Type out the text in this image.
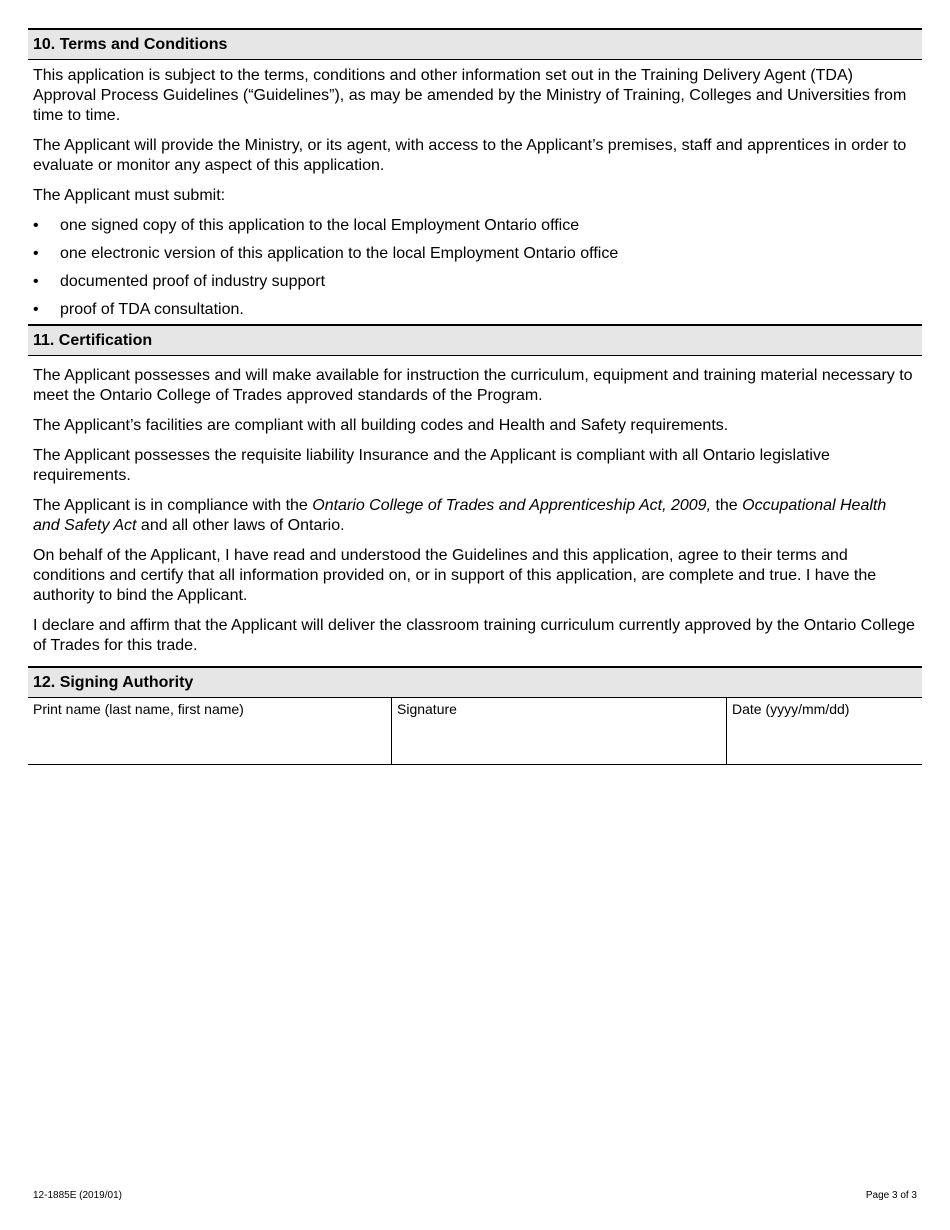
10. Terms and Conditions

This application is subject to the terms, conditions and other information set out in the Training Delivery Agent (TDA) Approval Process Guidelines (“Guidelines”), as may be amended by the Ministry of Training, Colleges and Universities from time to time.

The Applicant will provide the Ministry, or its agent, with access to the Applicant’s premises, staff and apprentices in order to evaluate or monitor any aspect of this application.

The Applicant must submit:

• one signed copy of this application to the local Employment Ontario office
• one electronic version of this application to the local Employment Ontario office
• documented proof of industry support
• proof of TDA consultation.
11. Certification

The Applicant possesses and will make available for instruction the curriculum, equipment and training material necessary to meet the Ontario College of Trades approved standards of the Program.

The Applicant’s facilities are compliant with all building codes and Health and Safety requirements.

The Applicant possesses the requisite liability Insurance and the Applicant is compliant with all Ontario legislative requirements.

The Applicant is in compliance with the Ontario College of Trades and Apprenticeship Act, 2009, the Occupational Health and Safety Act and all other laws of Ontario.

On behalf of the Applicant, I have read and understood the Guidelines and this application, agree to their terms and conditions and certify that all information provided on, or in support of this application, are complete and true. I have the authority to bind the Applicant.

I declare and affirm that the Applicant will deliver the classroom training curriculum currently approved by the Ontario College of Trades for this trade.

12. Signing Authority
Print name (last name, first name)	Signature	Date (yyyy/mm/dd)
12-1885E (2019/01)	Page 3 of 3
